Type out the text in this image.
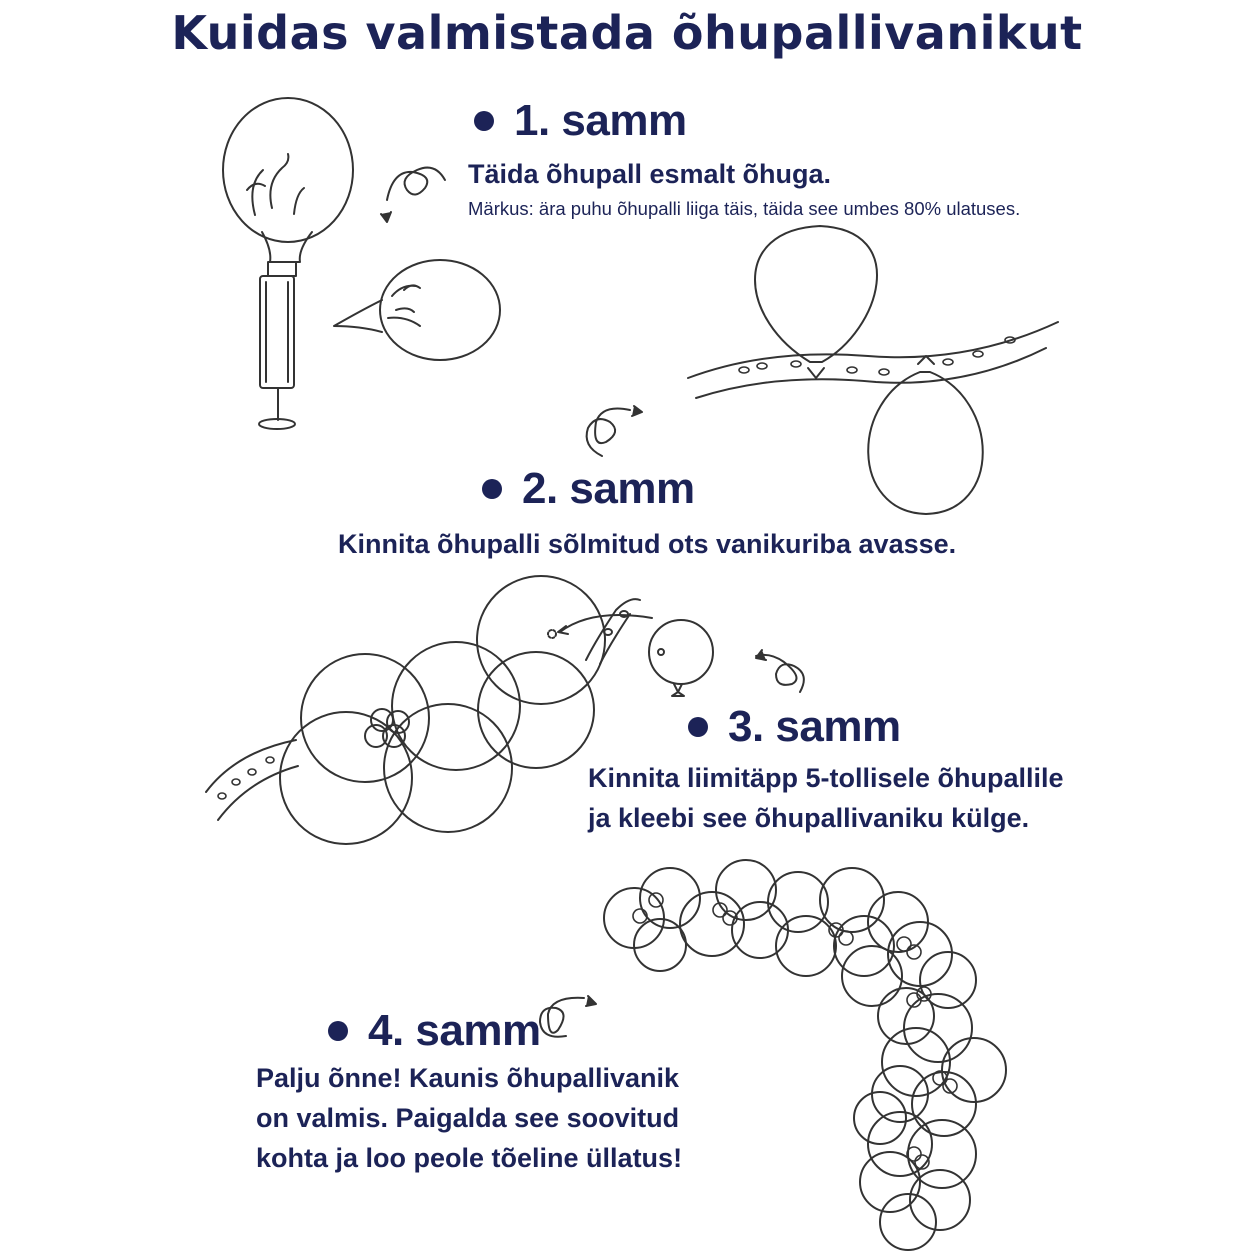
Kuidas valmistada õhupallivanikut
1. samm
Täida õhupall esmalt õhuga.
Märkus: ära puhu õhupalli liiga täis, täida see umbes 80% ulatuses.
2. samm
Kinnita õhupalli sõlmitud ots vanikuriba avasse.
3. samm
Kinnita liimitäpp 5-tollisele õhupallile
ja kleebi see õhupallivaniku külge.
4. samm
Palju õnne! Kaunis õhupallivanik
on valmis. Paigalda see soovitud
kohta ja loo peole tõeline üllatus!
